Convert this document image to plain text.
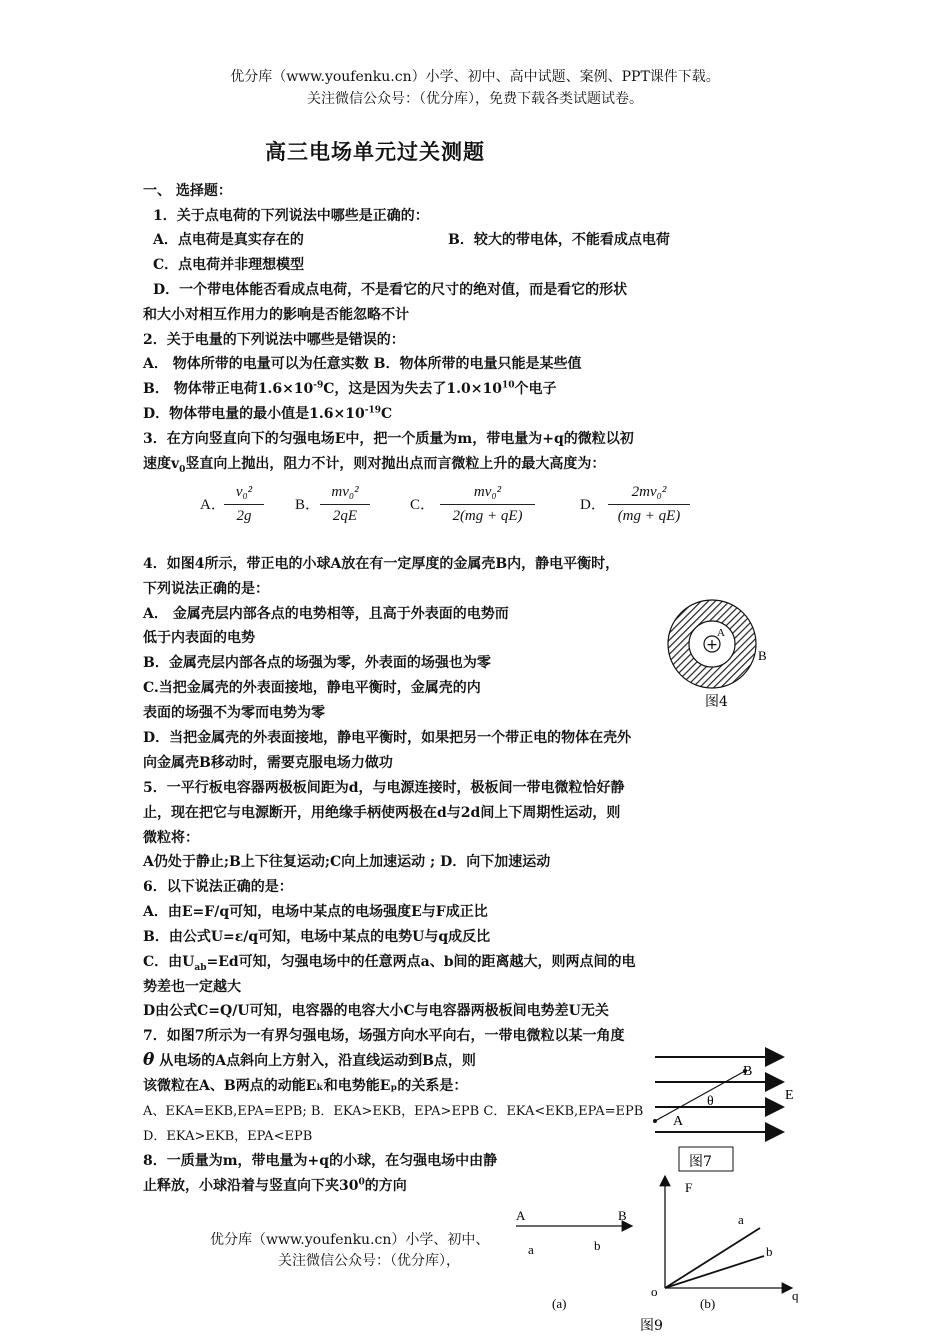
优分库（www.youfenku.cn）小学、初中、高中试题、案例、PPT课件下载。
关注微信公众号：（优分库），免费下载各类试题试卷。
高三电场单元过关测题
一、 选择题：
1．关于点电荷的下列说法中哪些是正确的：
A．点电荷是真实存在的	B．较大的带电体，不能看成点电荷
C．点电荷并非理想模型
D．一个带电体能否看成点电荷，不是看它的尺寸的绝对值，而是看它的形状
和大小对相互作用力的影响是否能忽略不计
2．关于电量的下列说法中哪些是错误的：
A． 物体所带的电量可以为任意实数 B．物体所带的电量只能是某些值
B． 物体带正电荷$1.6\times 10^{-9}C$，这是因为失去了$1.0\times 10^{10}$个电子
D．物体带电量的最小值是$1.6\times 10^{-19}C$
3．在方向竖直向下的匀强电场E中，把一个质量为m，带电量为+q的微粒以初
速度$v_0$竖直向上抛出，阻力不计，则对抛出点而言微粒上升的最大高度为：
A．
$\frac{\text{v₀²}}{2g}$ B． $\frac{\text{mv₀²}}{2qE}$	C． $\frac{\text{mv₀²}}{2(mg + qE)}$	D． $\frac{\text{2mv₀²}}{(mg + qE)}$
4．如图4所示，带正电的小球A放在有一定厚度的金属壳B内，静电平衡时，
下列说法正确的是：
A． 金属壳层内部各点的电势相等，且高于外表面的电势而
低于内表面的电势
B．金属壳层内部各点的场强为零，外表面的场强也为零
C.当把金属壳的外表面接地，静电平衡时，金属壳的内
表面的场强不为零而电势为零
D．当把金属壳的外表面接地，静电平衡时，如果把另一个带正电的物体在壳外
向金属壳B移动时，需要克服电场力做功
+
A
B
图4
5．一平行板电容器两极板间距为d，与电源连接时，极板间一带电微粒恰好静
止，现在把它与电源断开，用绝缘手柄使两极在d与2d间上下周期性运动，则
微粒将：
A仍处于静止;B上下往复运动;C向上加速运动 ; D．向下加速运动
6．以下说法正确的是：
A．由E=F/q可知，电场中某点的电场强度E与F成正比
B．由公式U=ε/q可知，电场中某点的电势U与q成反比
C．由$U_{ab}=Ed$可知，匀强电场中的任意两点a、b间的距离越大，则两点间的电
势差也一定越大
D由公式C=Q/U可知，电容器的电容大小C与电容器两极板间电势差U无关
7．如图7所示为一有界匀强电场，场强方向水平向右，一带电微粒以某一角度
θ 从电场的A点斜向上方射入，沿直线运动到B点，则
该微粒在A、B两点的动能Eₖ和电势能Eₚ的关系是：
A、EKA=EKB,EPA=EPB; B．EKA>EKB，EPA>EPB C．EKA<EKB,EPA=EPB
D．EKA>EKB，EPA<EPB
A
B
θ	E
图7
8．一质量为m，带电量为+q的小球，在匀强电场中由静
止释放，小球沿着与竖直向下夹$30^0$的方向
优分库（www.youfenku.cn）小学、初中、
关注微信公众号：（优分库），
A	B
a	b
(a)
F
q
o
a
b
(b)
图9
